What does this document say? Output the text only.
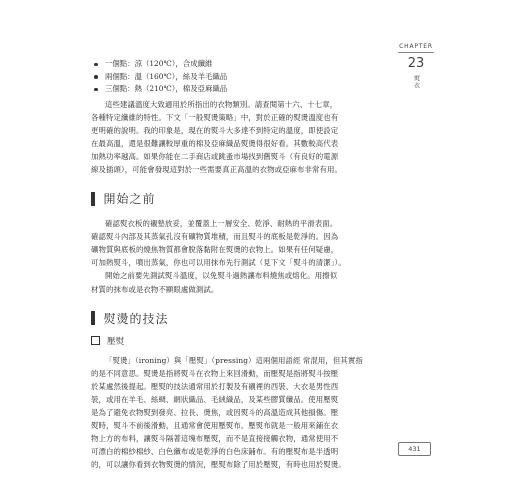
一個點：涼（120℃），合成纖維
兩個點：溫（160℃），絲及羊毛織品
三個點：熱（210℃），棉及亞麻織品

這些建議溫度大致適用於所指出的衣物類別。請查閱第十六、十七章，
各種特定纖維的特性。下文「一般熨燙策略」中，對於正確的熨燙溫度也有
更明確的說明。我的印象是，現在的熨斗大多達不到特定的溫度，即使設定
在最高溫，還是很難讓較厚重的棉及亞麻織品熨燙得很好看。其數較高代表
加熱功率越高。如果你能在二手商店或跳蚤市場找到舊熨斗（有良好的電源
線及插頭），可能會發現這對於一些需要真正高溫的衣物或亞麻布非常有用。

開始之前

確認熨衣板的襯墊放妥，並覆蓋上一層安全、乾淨、耐熱的平滑表面。
確認熨斗內部及其蒸氣孔沒有礦物質堆積，而且熨斗的底板是乾淨的。因為
礦物質與底板的燒焦物質都會脫落黏附在熨燙的衣物上。如果有任何疑慮，
可加熱熨斗，噴出蒸氣，你也可以用抹布先行測試（見下文「熨斗的清潔」）。

開始之前要先測試熨斗溫度，以免熨斗過熱讓布料燒焦或熔化。用擦似
材質的抹布或是衣物不顯眼處做測試。

熨燙的技法
壓熨

「熨燙」（ironing）與「壓熨」（pressing）這兩個用語經 常混用，但其實指
的是不同意思。熨燙是指將熨斗在衣物上來回滑動，而壓熨是指將熨斗按壓
於某處然後提起。壓熨的技法通常用於打製及有襯裡的西裝、大衣是男性西
裝，或用在羊毛、絲綢、網狀織品、毛絨織品，及某些膠質纖品。使用壓熨
是為了避免衣物熨到發亮、拉長、燙焦，或因熨斗的高溫造成其他損傷。壓
熨時，熨斗不前後滑動，且通常會使用壓熨布。壓熨布就是一般用來鋪在衣
物上方的布料，讓熨斗隔著這塊布壓熨，而不是直接接觸衣物，通常使用不
可漂白的棉紗棉紗、白色纖布或是乾淨的白色床鋪布。有的壓熨布是半透明
的，可以讓你看到衣物熨燙的情況，壓熨布除了用於壓熨，有時也用於熨燙。

CHAPTER
23
熨衣
431
